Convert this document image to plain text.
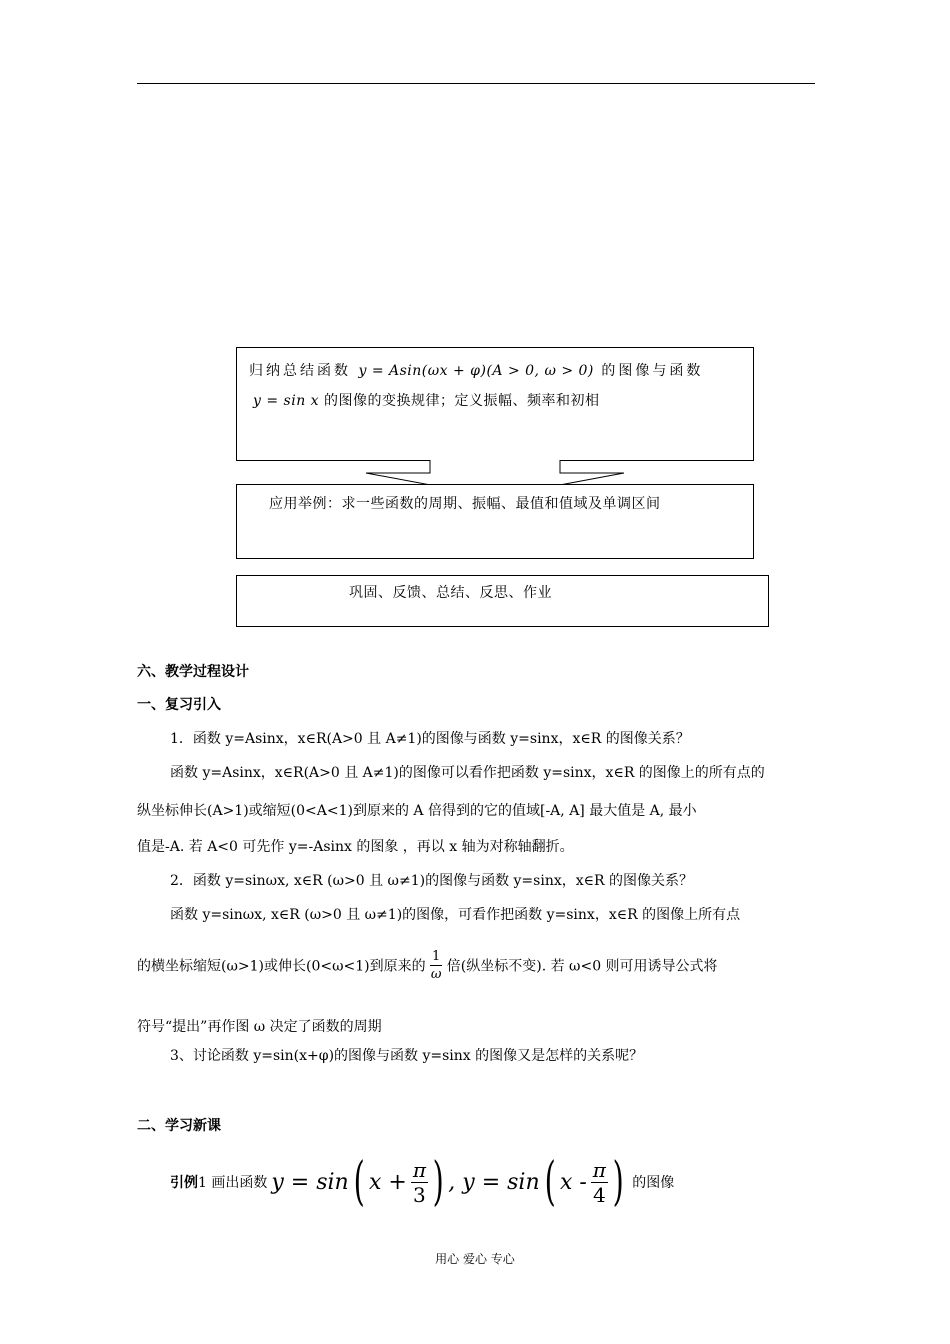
归纳总结函数 y = Asin(ωx + φ)(A > 0, ω > 0) 的图像与函数
y = sin x 的图像的变换规律；定义振幅、频率和初相
应用举例：求一些函数的周期、振幅、最值和值域及单调区间
巩固、反馈、总结、反思、作业
六、教学过程设计
一、复习引入
1．函数 y=Asinx，x∈R(A>0 且 A≠1)的图像与函数 y=sinx，x∈R 的图像关系？
函数 y=Asinx，x∈R(A>0 且 A≠1)的图像可以看作把函数 y=sinx，x∈R 的图像上的所有点的
纵坐标伸长(A>1)或缩短(0<A<1)到原来的 A 倍得到的它的值域[-A, A] 最大值是 A, 最小
值是-A. 若 A<0 可先作 y=-Asinx 的图象 ，再以 x 轴为对称轴翻折。
2．函数 y=sinωx, x∈R (ω>0 且 ω≠1)的图像与函数 y=sinx，x∈R 的图像关系？
函数 y=sinωx, x∈R (ω>0 且 ω≠1)的图像，可看作把函数 y=sinx，x∈R 的图像上所有点
的横坐标缩短(ω>1)或伸长(0<ω<1)到原来的 $\frac{1}{\omega}$ 倍(纵坐标不变). 若 ω<0 则可用诱导公式将
符号“提出”再作图 ω 决定了函数的周期
3、讨论函数 y=sin(x+φ)的图像与函数 y=sinx 的图像又是怎样的关系呢？
二、学习新课
引例 1 画出函数 y = sin ( $x + \frac{\pi}{3}$ ) , y = sin ( x - $\frac{\pi}{4}$ ) 的图像
用心 爱心 专心
